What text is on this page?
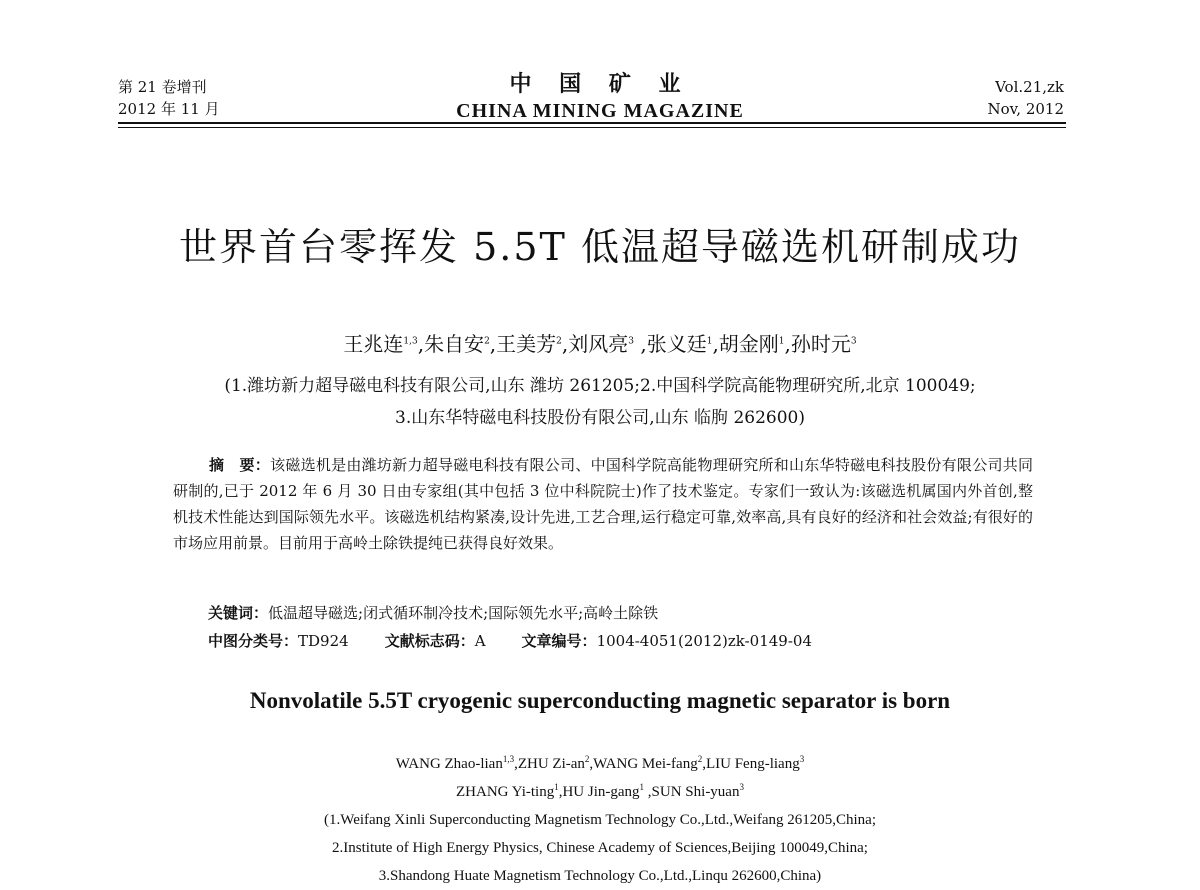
第 21 卷增刊
2012 年 11 月
中 国 矿 业
CHINA MINING MAGAZINE
Vol.21,zk
Nov, 2012
世界首台零挥发 5.5T 低温超导磁选机研制成功
王兆连$^{1,3}$,朱自安$^2$,王美芳$^2$,刘风亮$^3$ ,张义廷$^1$,胡金刚$^1$,孙时元$^3$
(1.潍坊新力超导磁电科技有限公司,山东 潍坊 261205;2.中国科学院高能物理研究所,北京 100049;
3.山东华特磁电科技股份有限公司,山东 临朐 262600)

摘　要：该磁选机是由潍坊新力超导磁电科技有限公司、中国科学院高能物理研究所和山东华特磁电科技股份有限公司共同研制的,已于 2012 年 6 月 30 日由专家组(其中包括 3 位中科院院士)作了技术鉴定。专家们一致认为:该磁选机属国内外首创,整机技术性能达到国际领先水平。该磁选机结构紧凑,设计先进,工艺合理,运行稳定可靠,效率高,具有良好的经济和社会效益;有很好的市场应用前景。目前用于高岭土除铁提纯已获得良好效果。

关键词：低温超导磁选;闭式循环制冷技术;国际领先水平;高岭土除铁
中图分类号：TD924 文献标志码：A 文章编号：1004-4051(2012)zk-0149-04
Nonvolatile 5.5T cryogenic superconducting magnetic separator is born
WANG Zhao-lian$^{1,3}$,ZHU $Zi-an^2,WANG$ Mei-fang$^2$,LIU Feng-liang$^3$
ZHANG Yi-ting$^1$,HU Jin-gang$^1$ ,SUN Shi-yuan$^3$
(1.Weifang Xinli Superconducting Magnetism Technology Co.,Ltd.,Weifang 261205,China;
2.Institute of High Energy Physics, Chinese Academy of Sciences,Beijing 100049,China;
3.Shandong Huate Magnetism Technology Co.,Ltd.,Linqu 262600,China)
